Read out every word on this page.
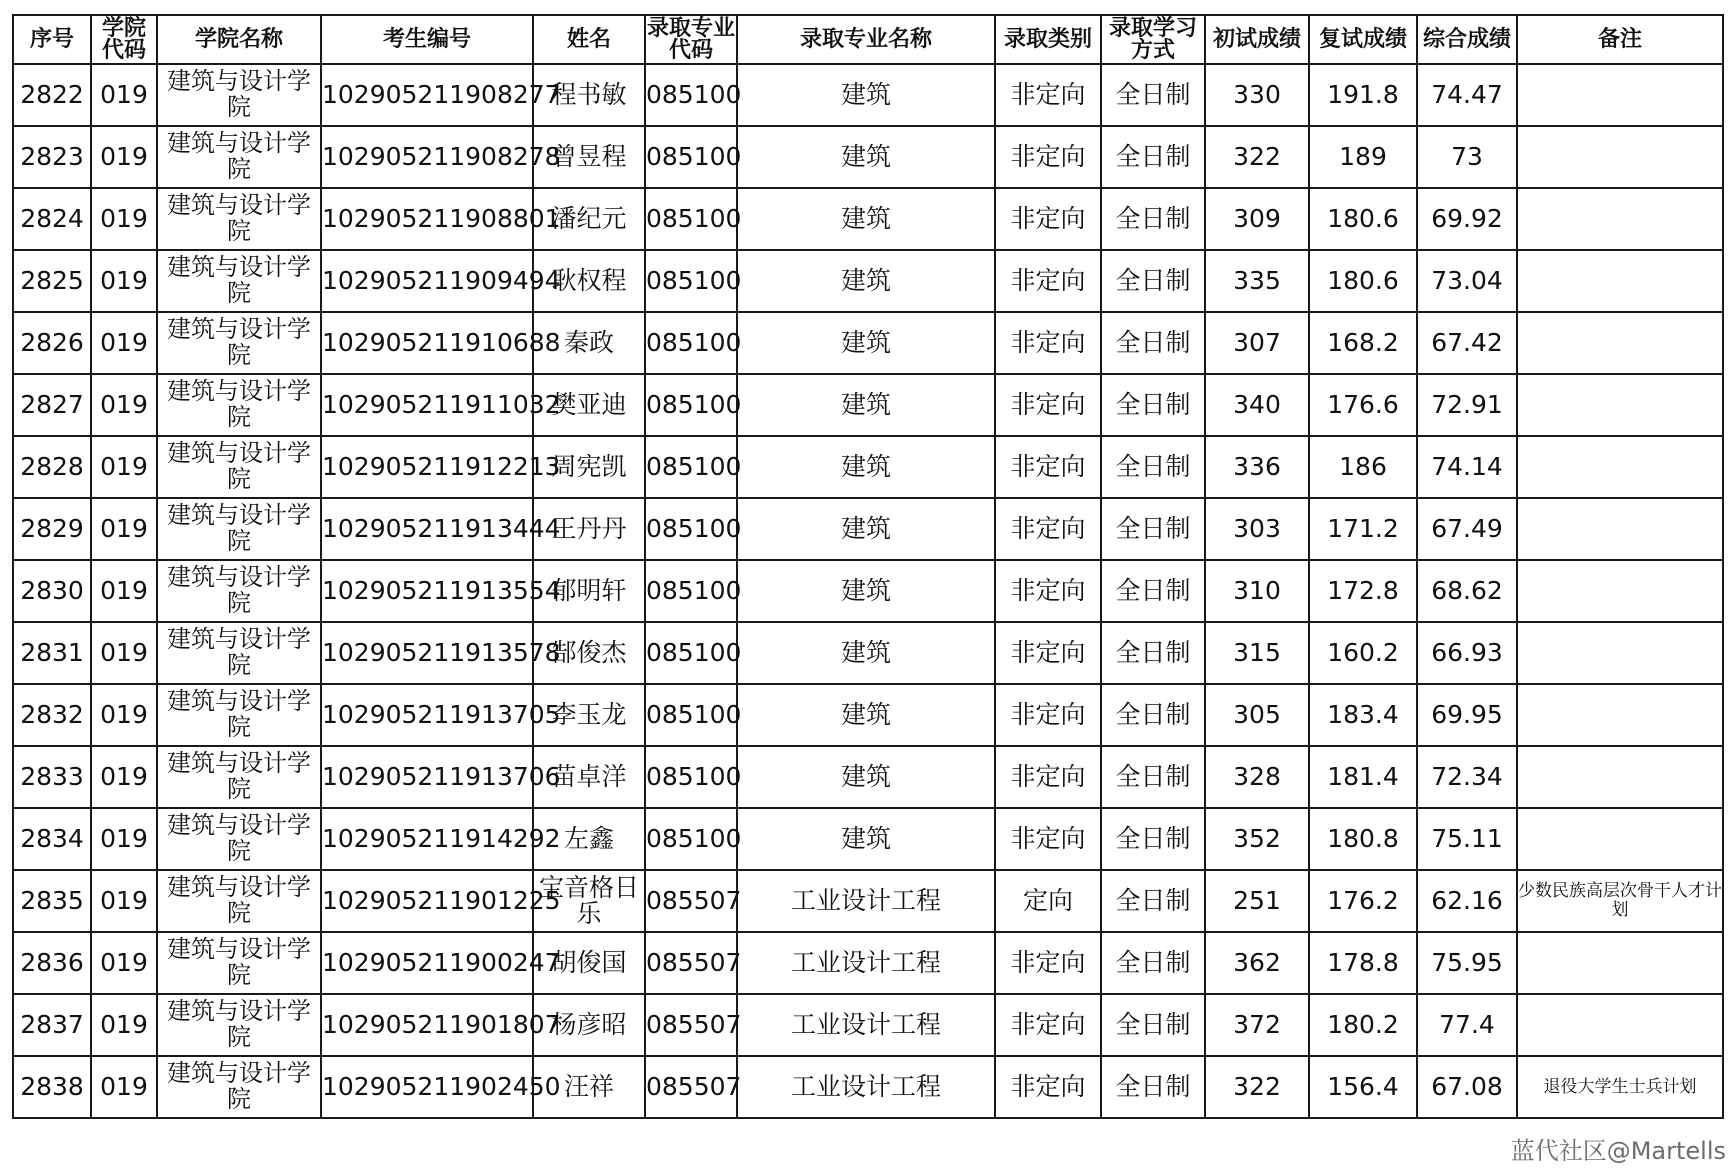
序号	学院代码	学院名称	考生编号	姓名	录取专业代码	录取专业名称	录取类别	录取学习方式	初试成绩	复试成绩	综合成绩	备注
2822	019	建筑与设计学院	102905211908277	程书敏	085100	建筑	非定向	全日制	330	191.8	74.47	
2823	019	建筑与设计学院	102905211908278	曾昱程	085100	建筑	非定向	全日制	322	189	73	
2824	019	建筑与设计学院	102905211908801	潘纪元	085100	建筑	非定向	全日制	309	180.6	69.92	
2825	019	建筑与设计学院	102905211909494	耿权程	085100	建筑	非定向	全日制	335	180.6	73.04	
2826	019	建筑与设计学院	102905211910688	秦政	085100	建筑	非定向	全日制	307	168.2	67.42	
2827	019	建筑与设计学院	102905211911032	樊亚迪	085100	建筑	非定向	全日制	340	176.6	72.91	
2828	019	建筑与设计学院	102905211912213	周宪凯	085100	建筑	非定向	全日制	336	186	74.14	
2829	019	建筑与设计学院	102905211913444	王丹丹	085100	建筑	非定向	全日制	303	171.2	67.49	
2830	019	建筑与设计学院	102905211913554	郁明轩	085100	建筑	非定向	全日制	310	172.8	68.62	
2831	019	建筑与设计学院	102905211913578	郜俊杰	085100	建筑	非定向	全日制	315	160.2	66.93	
2832	019	建筑与设计学院	102905211913705	李玉龙	085100	建筑	非定向	全日制	305	183.4	69.95	
2833	019	建筑与设计学院	102905211913706	苗卓洋	085100	建筑	非定向	全日制	328	181.4	72.34	
2834	019	建筑与设计学院	102905211914292	左鑫	085100	建筑	非定向	全日制	352	180.8	75.11	
2835	019	建筑与设计学院	102905211901225	宝音格日乐	085507	工业设计工程	定向	全日制	251	176.2	62.16	少数民族高层次骨干人才计划
2836	019	建筑与设计学院	102905211900247	胡俊国	085507	工业设计工程	非定向	全日制	362	178.8	75.95	
2837	019	建筑与设计学院	102905211901807	杨彦昭	085507	工业设计工程	非定向	全日制	372	180.2	77.4	
2838	019	建筑与设计学院	102905211902450	汪祥	085507	工业设计工程	非定向	全日制	322	156.4	67.08	退役大学生士兵计划
蓝代社区@Martells
